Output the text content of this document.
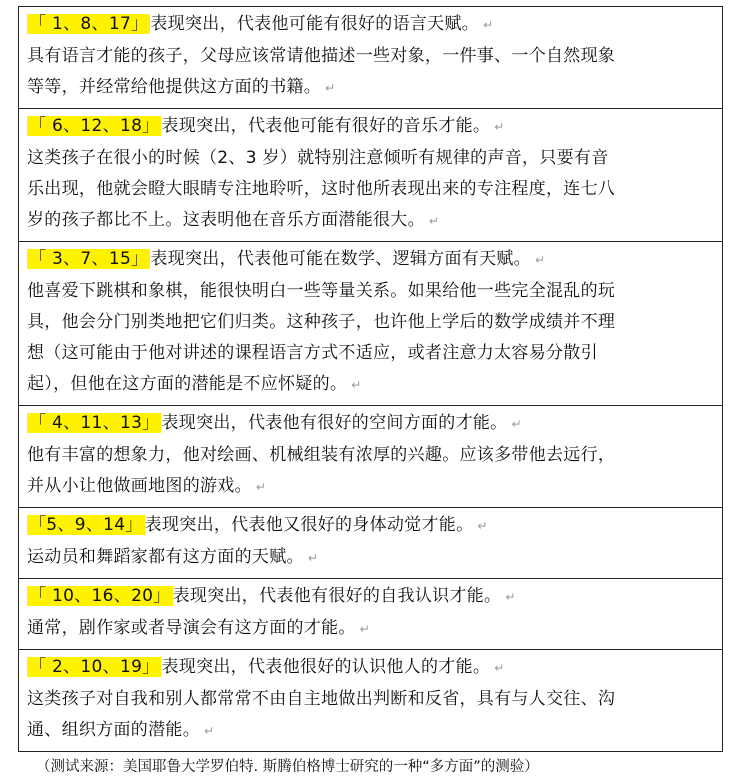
「 1、8、17」 表现突出，代表他可能有很好的语言天赋。 ↵
具有语言才能的孩子，父母应该常请他描述一些对象，一件事、一个自然现象
等等，并经常给他提供这方面的书籍。 ↵
「 6、12、18」 表现突出，代表他可能有很好的音乐才能。 ↵
这类孩子在很小的时候（2、3 岁）就特别注意倾听有规律的声音，只要有音
乐出现，他就会瞪大眼睛专注地聆听，这时他所表现出来的专注程度，连七八
岁的孩子都比不上。这表明他在音乐方面潜能很大。 ↵
「 3、7、15」 表现突出，代表他可能在数学、逻辑方面有天赋。 ↵
他喜爱下跳棋和象棋，能很快明白一些等量关系。如果给他一些完全混乱的玩
具，他会分门别类地把它们归类。这种孩子，也许他上学后的数学成绩并不理
想（这可能由于他对讲述的课程语言方式不适应，或者注意力太容易分散引
起），但他在这方面的潜能是不应怀疑的。 ↵
「 4、11、13」 表现突出，代表他有很好的空间方面的才能。 ↵
他有丰富的想象力，他对绘画、机械组装有浓厚的兴趣。应该多带他去远行，
并从小让他做画地图的游戏。 ↵
「5、9、14」 表现突出，代表他又很好的身体动觉才能。 ↵
运动员和舞蹈家都有这方面的天赋。 ↵
「 10、16、20」 表现突出，代表他有很好的自我认识才能。 ↵
通常，剧作家或者导演会有这方面的才能。 ↵
「 2、10、19」 表现突出，代表他很好的认识他人的才能。 ↵
这类孩子对自我和别人都常常不由自主地做出判断和反省，具有与人交往、沟
通、组织方面的潜能。 ↵
（测试来源：美国耶鲁大学罗伯特. 斯腾伯格博士研究的一种“多方面”的测验）
